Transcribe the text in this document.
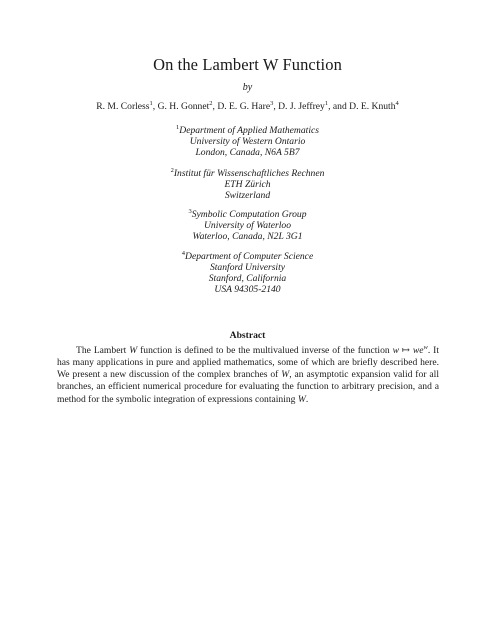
On the Lambert W Function
by
R. M. Corless$^1$, G. H. Gonnet$^2$, D. E. G. Hare$^3$, D. J. Jeffrey$^1$, and D. E. Knuth$^4$
$^1$Department of Applied Mathematics
University of Western Ontario
London, Canada, N6A 5B7
$^2$Institut für Wissenschaftliches Rechnen
ETH Zürich
Switzerland
$^3$Symbolic Computation Group
University of Waterloo
Waterloo, Canada, N2L 3G1
$^4$Department of Computer Science
Stanford University
Stanford, California
USA 94305-2140
Abstract

The Lambert W function is defined to be the multivalued inverse of the function w ↦ $we^w$. It has many applications in pure and applied mathematics, some of which are briefly described here. We present a new discussion of the complex branches of W, an asymptotic expansion valid for all branches, an efficient numerical procedure for evaluating the function to arbitrary precision, and a method for the symbolic integration of expressions containing W.
